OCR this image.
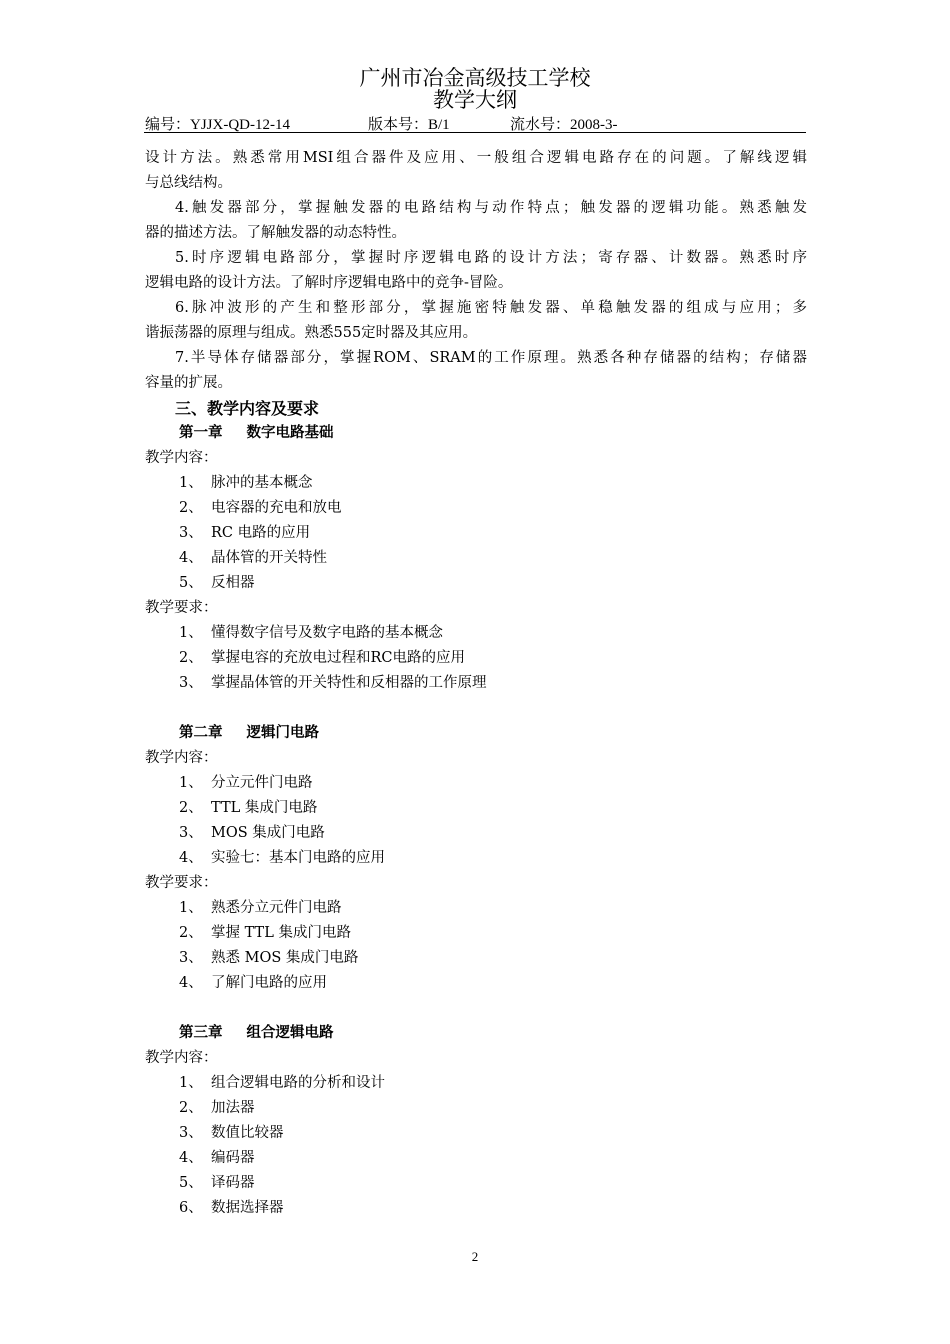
广州市冶金高级技工学校
教学大纲
编号：YJJX-QD-12-14	版本号：B/1	流水号：2008-3-
设计方法。熟悉常用MSI组合器件及应用、一般组合逻辑电路存在的问题。了解线逻辑
与总线结构。
4.触发器部分，掌握触发器的电路结构与动作特点；触发器的逻辑功能。熟悉触发
器的描述方法。了解触发器的动态特性。
5.时序逻辑电路部分，掌握时序逻辑电路的设计方法；寄存器、计数器。熟悉时序
逻辑电路的设计方法。了解时序逻辑电路中的竞争-冒险。
6.脉冲波形的产生和整形部分，掌握施密特触发器、单稳触发器的组成与应用；多
谐振荡器的原理与组成。熟悉555定时器及其应用。
7.半导体存储器部分，掌握ROM、SRAM的工作原理。熟悉各种存储器的结构；存储器
容量的扩展。
三、教学内容及要求
第一章 数字电路基础
教学内容：
1、 脉冲的基本概念
2、 电容器的充电和放电
3、 RC 电路的应用
4、 晶体管的开关特性
5、 反相器
教学要求：
1、 懂得数字信号及数字电路的基本概念
2、 掌握电容的充放电过程和RC电路的应用
3、 掌握晶体管的开关特性和反相器的工作原理
第二章 逻辑门电路
教学内容：
1、 分立元件门电路
2、 TTL 集成门电路
3、 MOS 集成门电路
4、 实验七：基本门电路的应用
教学要求：
1、 熟悉分立元件门电路
2、 掌握 TTL 集成门电路
3、 熟悉 MOS 集成门电路
4、 了解门电路的应用
第三章 组合逻辑电路
教学内容：
1、 组合逻辑电路的分析和设计
2、 加法器
3、 数值比较器
4、 编码器
5、 译码器
6、 数据选择器
2
